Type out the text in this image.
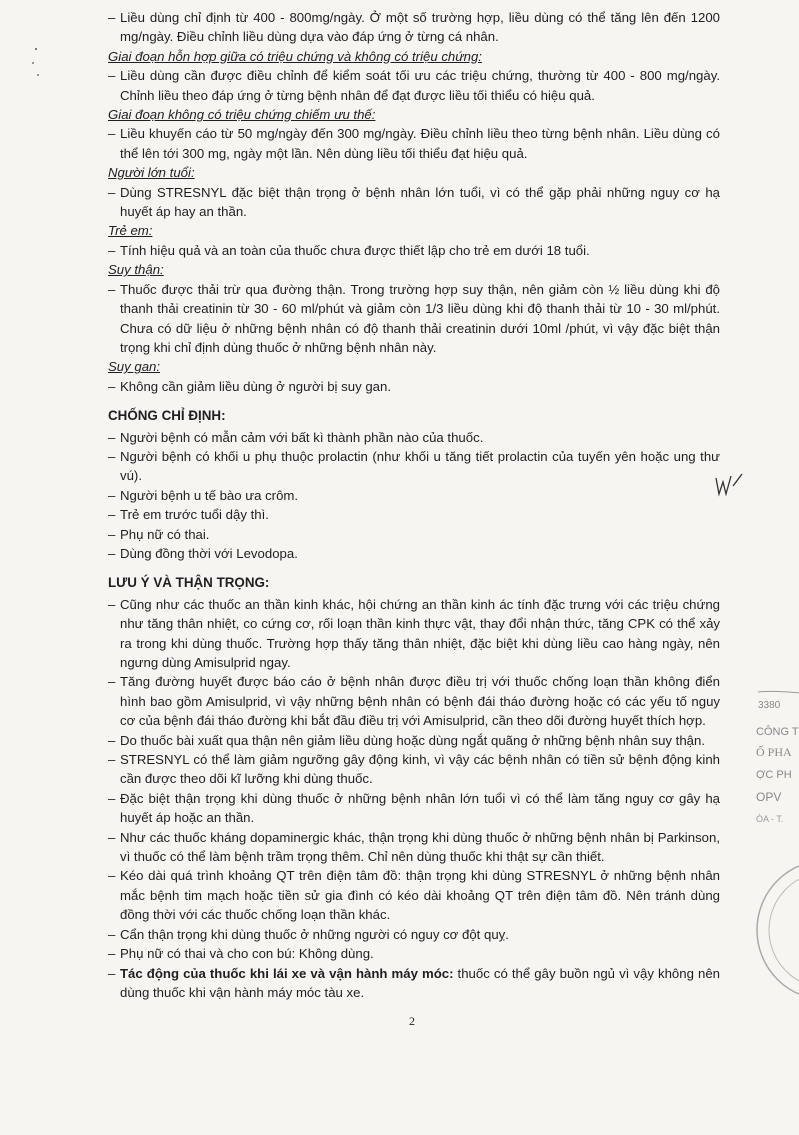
– Liều dùng chỉ định từ 400 - 800mg/ngày. Ở một số trường hợp, liều dùng có thể tăng lên đến 1200 mg/ngày. Điều chỉnh liều dùng dựa vào đáp ứng ở từng cá nhân.
Giai đoạn hỗn hợp giữa có triệu chứng và không có triệu chứng:
– Liều dùng cần được điều chỉnh để kiểm soát tối ưu các triệu chứng, thường từ 400 - 800 mg/ngày. Chỉnh liều theo đáp ứng ở từng bệnh nhân để đạt được liều tối thiểu có hiệu quả.
Giai đoạn không có triệu chứng chiếm ưu thế:
– Liều khuyến cáo từ 50 mg/ngày đến 300 mg/ngày. Điều chỉnh liều theo từng bệnh nhân. Liều dùng có thể lên tới 300 mg, ngày một lần. Nên dùng liều tối thiểu đạt hiệu quả.
Người lớn tuổi:
– Dùng STRESNYL đặc biệt thận trọng ở bệnh nhân lớn tuổi, vì có thể gặp phải những nguy cơ hạ huyết áp hay an thần.
Trẻ em:
– Tính hiệu quả và an toàn của thuốc chưa được thiết lập cho trẻ em dưới 18 tuổi.
Suy thận:
– Thuốc được thải trừ qua đường thận. Trong trường hợp suy thận, nên giảm còn ½ liều dùng khi độ thanh thải creatinin từ 30 - 60 ml/phút và giảm còn 1/3 liều dùng khi độ thanh thải từ 10 - 30 ml/phút. Chưa có dữ liệu ở những bệnh nhân có độ thanh thải creatinin dưới 10ml /phút, vì vậy đặc biệt thận trọng khi chỉ định dùng thuốc ở những bệnh nhân này.
Suy gan:
– Không cần giảm liều dùng ở người bị suy gan.
CHỐNG CHỈ ĐỊNH:
– Người bệnh có mẫn cảm với bất kì thành phần nào của thuốc.
– Người bệnh có khối u phụ thuộc prolactin (như khối u tăng tiết prolactin của tuyến yên hoặc ung thư vú).
– Người bệnh u tế bào ưa crôm.
– Trẻ em trước tuổi dậy thì.
– Phụ nữ có thai.
– Dùng đồng thời với Levodopa.
LƯU Ý VÀ THẬN TRỌNG:
– Cũng như các thuốc an thần kinh khác, hội chứng an thần kinh ác tính đặc trưng với các triệu chứng như tăng thân nhiệt, co cứng cơ, rối loạn thần kinh thực vật, thay đổi nhận thức, tăng CPK có thể xảy ra trong khi dùng thuốc. Trường hợp thấy tăng thân nhiệt, đặc biệt khi dùng liều cao hàng ngày, nên ngưng dùng Amisulprid ngay.
– Tăng đường huyết được báo cáo ở bệnh nhân được điều trị với thuốc chống loạn thần không điển hình bao gồm Amisulprid, vì vậy những bệnh nhân có bệnh đái tháo đường hoặc có các yếu tố nguy cơ của bệnh đái tháo đường khi bắt đầu điều trị với Amisulprid, cần theo dõi đường huyết thích hợp.
– Do thuốc bài xuất qua thận nên giảm liều dùng hoặc dùng ngắt quãng ở những bệnh nhân suy thận.
– STRESNYL có thể làm giảm ngưỡng gây động kinh, vì vậy các bệnh nhân có tiền sử bệnh động kinh cần được theo dõi kĩ lưỡng khi dùng thuốc.
– Đặc biệt thận trọng khi dùng thuốc ở những bệnh nhân lớn tuổi vì có thể làm tăng nguy cơ gây hạ huyết áp hoặc an thần.
– Như các thuốc kháng dopaminergic khác, thận trọng khi dùng thuốc ở những bệnh nhân bị Parkinson, vì thuốc có thể làm bệnh trầm trọng thêm. Chỉ nên dùng thuốc khi thật sự cần thiết.
– Kéo dài quá trình khoảng QT trên điện tâm đồ: thận trọng khi dùng STRESNYL ở những bệnh nhân mắc bệnh tim mạch hoặc tiền sử gia đình có kéo dài khoảng QT trên điện tâm đồ. Nên tránh dùng đồng thời với các thuốc chống loạn thần khác.
– Cẩn thận trọng khi dùng thuốc ở những người có nguy cơ đột quỵ.
– Phụ nữ có thai và cho con bú: Không dùng.
– Tác động của thuốc khi lái xe và vận hành máy móc: thuốc có thể gây buồn ngủ vì vậy không nên dùng thuốc khi vận hành máy móc tàu xe.
2
3380
CÔNG T
Ố PHA
ỢC PH
OPV
ÒA - T.
